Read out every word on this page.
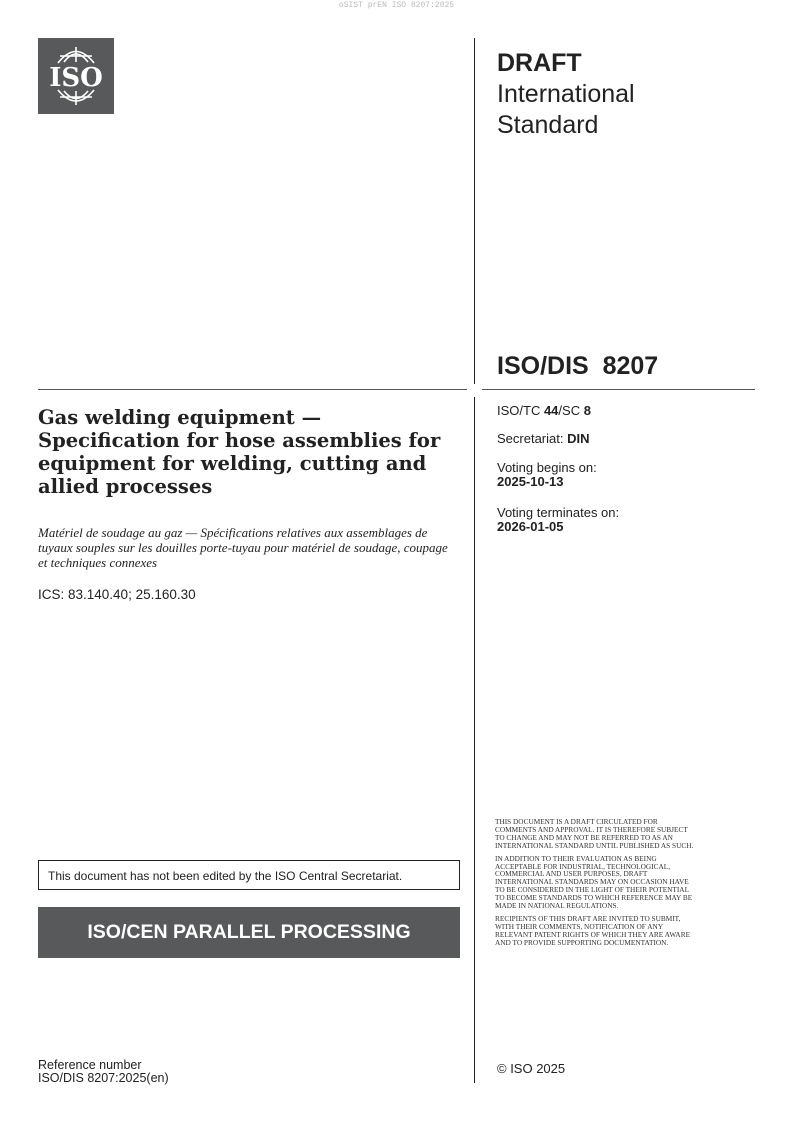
oSIST prEN ISO 8207:2025
ISO	DRAFT
International
Standard
ISO/DIS  8207
ISO/TC 44/SC 8
Secretariat: DIN
Voting begins on:
2025-10-13
Voting terminates on:
2026-01-05
Gas welding equipment — Specification for hose assemblies for equipment for welding, cutting and allied processes
Matériel de soudage au gaz — Spécifications relatives aux assemblages de tuyaux souples sur les douilles porte-tuyau pour matériel de soudage, coupage et techniques connexes
ICS: 83.140.40; 25.160.30
This document has not been edited by the ISO Central Secretariat.
ISO/CEN PARALLEL PROCESSING

THIS DOCUMENT IS A DRAFT CIRCULATED FOR COMMENTS AND APPROVAL. IT IS THEREFORE SUBJECT TO CHANGE AND MAY NOT BE REFERRED TO AS AN INTERNATIONAL STANDARD UNTIL PUBLISHED AS SUCH.

IN ADDITION TO THEIR EVALUATION AS BEING ACCEPTABLE FOR INDUSTRIAL, TECHNOLOGICAL, COMMERCIAL AND USER PURPOSES, DRAFT INTERNATIONAL STANDARDS MAY ON OCCASION HAVE TO BE CONSIDERED IN THE LIGHT OF THEIR POTENTIAL TO BECOME STANDARDS TO WHICH REFERENCE MAY BE MADE IN NATIONAL REGULATIONS.

RECIPIENTS OF THIS DRAFT ARE INVITED TO SUBMIT, WITH THEIR COMMENTS, NOTIFICATION OF ANY RELEVANT PATENT RIGHTS OF WHICH THEY ARE AWARE AND TO PROVIDE SUPPORTING DOCUMENTATION.

Reference number
ISO/DIS 8207:2025(en)
© ISO 2025
